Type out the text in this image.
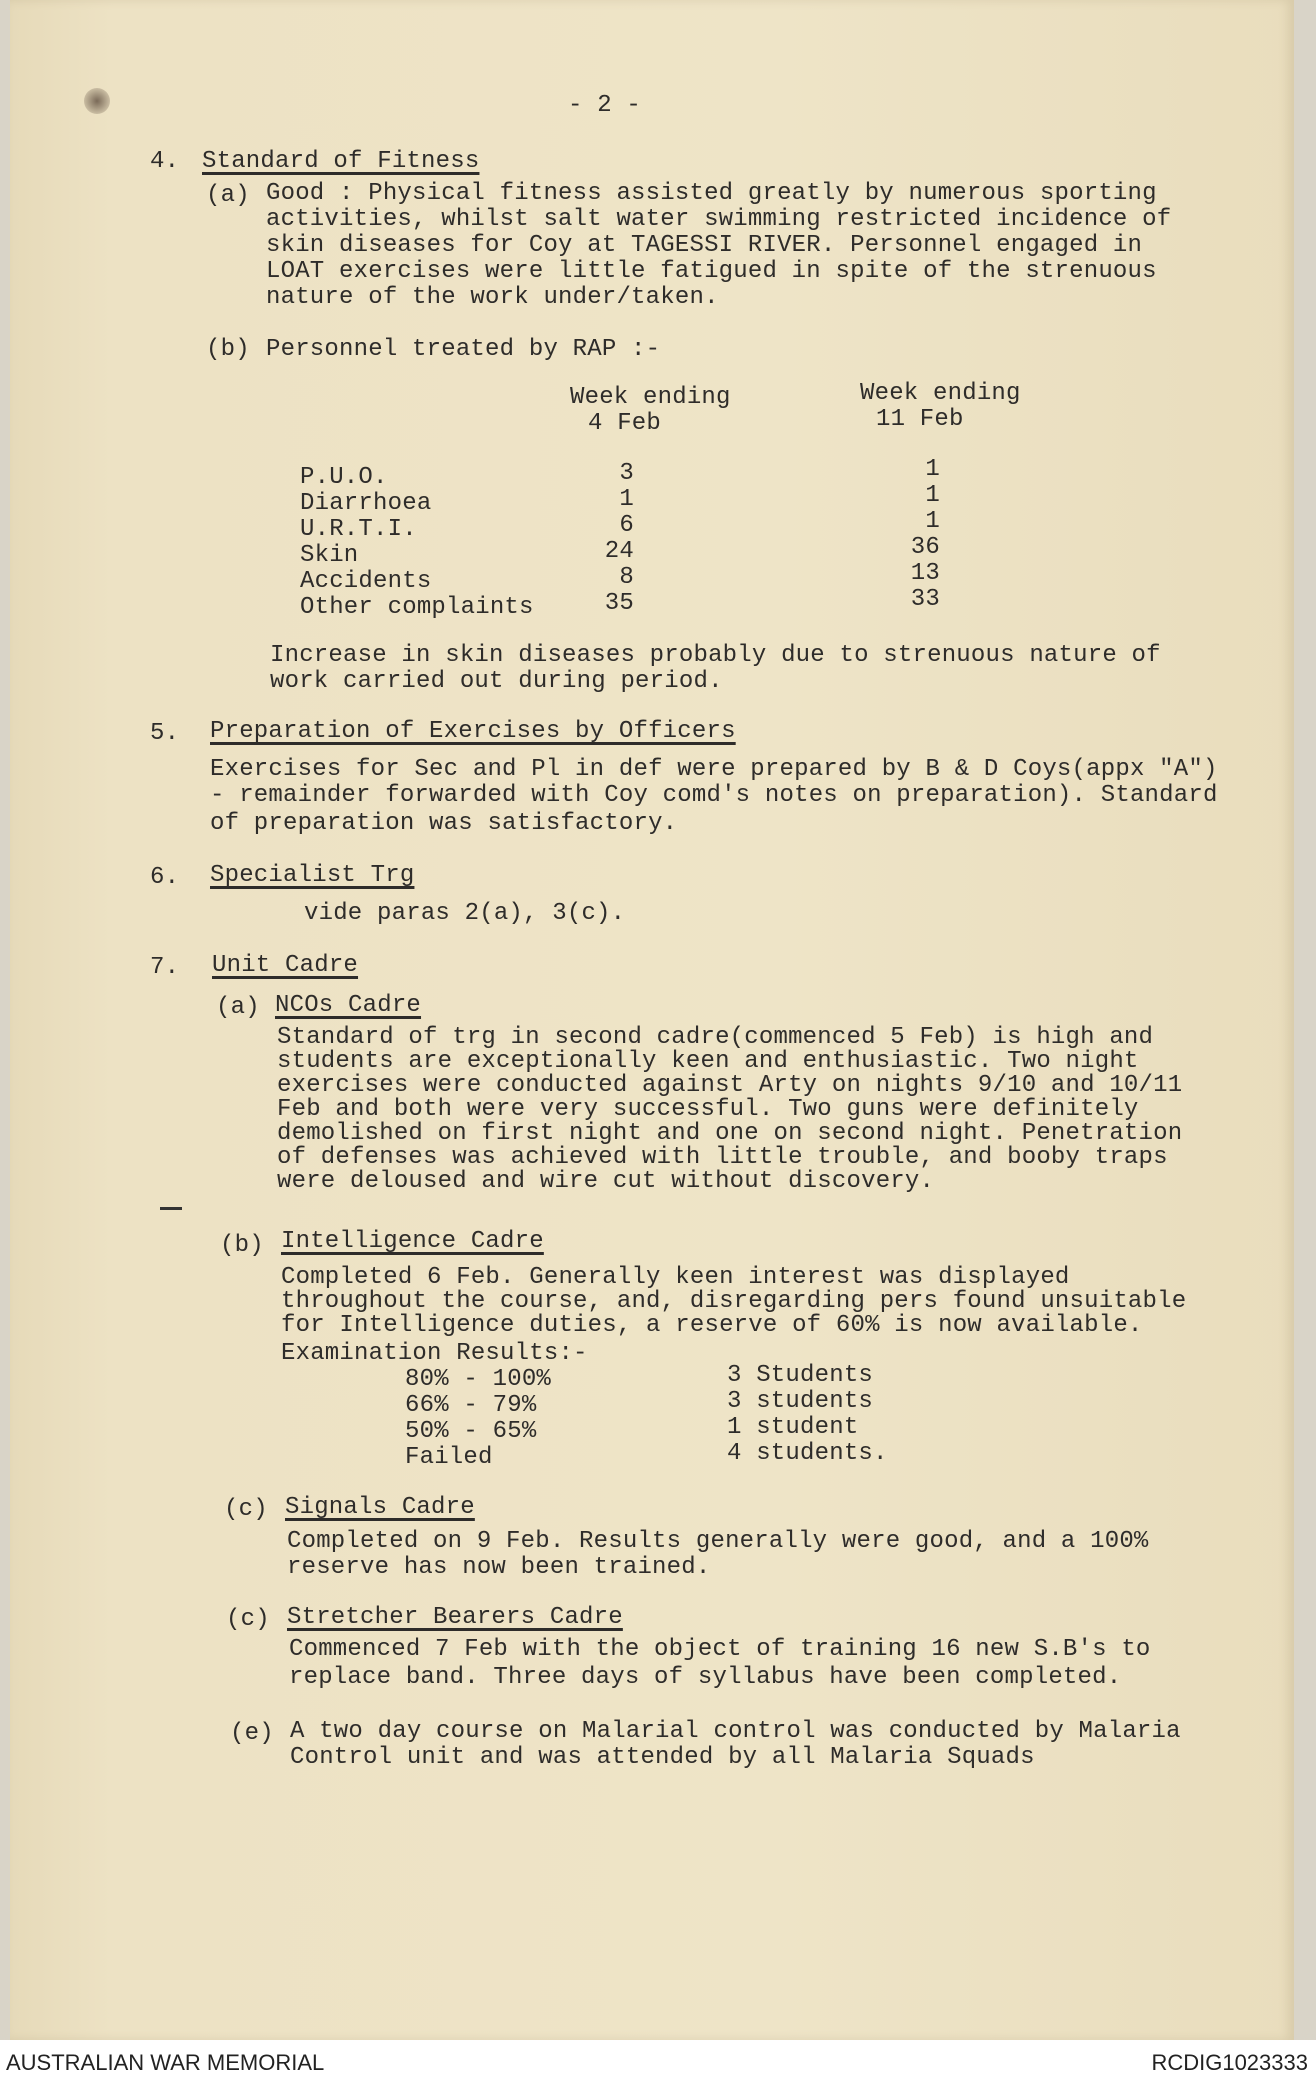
- 2 -
4. Standard of Fitness
(a) Good : Physical fitness assisted greatly by numerous sporting
activities, whilst salt water swimming restricted incidence of
skin diseases for Coy at TAGESSI RIVER. Personnel engaged in
LOAT exercises were little fatigued in spite of the strenuous
nature of the work under/taken.
(b) Personnel treated by RAP :-
Week ending
4 Feb
Week ending
11 Feb
P.U.O.	3	1
Diarrhoea	1	1
U.R.T.I.	6	1
Skin	24	36
Accidents	8	13
Other complaints	35	33
Increase in skin diseases probably due to strenuous nature of
work carried out during period.
5. Preparation of Exercises by Officers
Exercises for Sec and Pl in def were prepared by B & D Coys(appx "A")
- remainder forwarded with Coy comd's notes on preparation). Standard
of preparation was satisfactory.
6. Specialist Trg
vide paras 2(a), 3(c).
7. Unit Cadre
(a) NCOs Cadre
Standard of trg in second cadre(commenced 5 Feb) is high and
students are exceptionally keen and enthusiastic. Two night
exercises were conducted against Arty on nights 9/10 and 10/11
Feb and both were very successful. Two guns were definitely
demolished on first night and one on second night. Penetration
of defenses was achieved with little trouble, and booby traps
were deloused and wire cut without discovery.
(b) Intelligence Cadre
Completed 6 Feb. Generally keen interest was displayed
throughout the course, and, disregarding pers found unsuitable
for Intelligence duties, a reserve of 60% is now available.
Examination Results:-
80% - 100%	3 Students
66% - 79%	3 students
50% - 65%	1 student
Failed	4 students.
(c) Signals Cadre
Completed on 9 Feb. Results generally were good, and a 100%
reserve has now been trained.
(c) Stretcher Bearers Cadre
Commenced 7 Feb with the object of training 16 new S.B's to
replace band. Three days of syllabus have been completed.
(e) A two day course on Malarial control was conducted by Malaria
Control unit and was attended by all Malaria Squads
AUSTRALIAN WAR MEMORIAL	RCDIG1023333
